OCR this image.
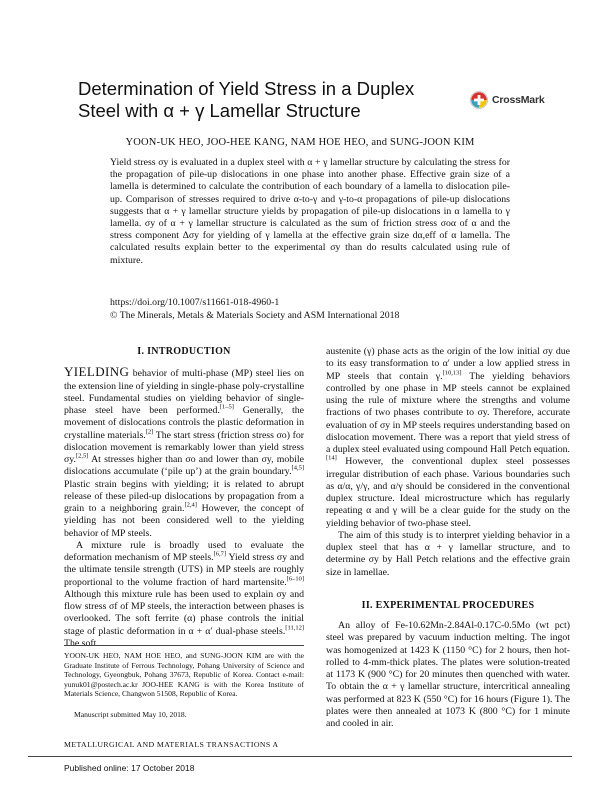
Determination of Yield Stress in a Duplex Steel with α + γ Lamellar Structure	CrossMark
YOON-UK HEO, JOO-HEE KANG, NAM HOE HEO, and SUNG-JOON KIM

Yield stress σy is evaluated in a duplex steel with α + γ lamellar structure by calculating the stress for the propagation of pile-up dislocations in one phase into another phase. Effective grain size of a lamella is determined to calculate the contribution of each boundary of a lamella to dislocation pile-up. Comparison of stresses required to drive α-to-γ and γ-to-α propagations of pile-up dislocations suggests that α + γ lamellar structure yields by propagation of pile-up dislocations in α lamella to γ lamella. σy of α + γ lamellar structure is calculated as the sum of friction stress σoα of α and the stress component Δσy for yielding of γ lamella at the effective grain size dα,eff of α lamella. The calculated results explain better to the experimental σy than do results calculated using rule of mixture.

https://doi.org/10.1007/s11661-018-4960-1
© The Minerals, Metals & Materials Society and ASM International 2018
I. INTRODUCTION

YIELDING behavior of multi-phase (MP) steel lies on the extension line of yielding in single-phase poly-crystalline steel. Fundamental studies on yielding behavior of single-phase steel have been performed.[1–5] Generally, the movement of dislocations controls the plastic deformation in crystalline materials.[2] The start stress (friction stress σo) for dislocation movement is remarkably lower than yield stress σy.[2,5] At stresses higher than σo and lower than σy, mobile dislocations accumulate (‘pile up’) at the grain boundary.[4,5] Plastic strain begins with yielding; it is related to abrupt release of these piled-up dislocations by propagation from a grain to a neighboring grain.[2,4] However, the concept of yielding has not been considered well to the yielding behavior of MP steels.

A mixture rule is broadly used to evaluate the deformation mechanism of MP steels.[6,7] Yield stress σy and the ultimate tensile strength (UTS) in MP steels are roughly proportional to the volume fraction of hard martensite.[6–10] Although this mixture rule has been used to explain σy and flow stress σf of MP steels, the interaction between phases is overlooked. The soft ferrite (α) phase controls the initial stage of plastic deformation in α + α′ dual-phase steels.[11,12] The soft

austenite (γ) phase acts as the origin of the low initial σy due to its easy transformation to α′ under a low applied stress in MP steels that contain γ.[10,13] The yielding behaviors controlled by one phase in MP steels cannot be explained using the rule of mixture where the strengths and volume fractions of two phases contribute to σy. Therefore, accurate evaluation of σy in MP steels requires understanding based on dislocation movement. There was a report that yield stress of a duplex steel evaluated using compound Hall Petch equation.[14] However, the conventional duplex steel possesses irregular distribution of each phase. Various boundaries such as α/α, γ/γ, and α/γ should be considered in the conventional duplex structure. Ideal microstructure which has regularly repeating α and γ will be a clear guide for the study on the yielding behavior of two-phase steel.

The aim of this study is to interpret yielding behavior in a duplex steel that has α + γ lamellar structure, and to determine σy by Hall Petch relations and the effective grain size in lamellae.

II. EXPERIMENTAL PROCEDURES

An alloy of Fe-10.62Mn-2.84Al-0.17C-0.5Mo (wt pct) steel was prepared by vacuum induction melting. The ingot was homogenized at 1423 K (1150 °C) for 2 hours, then hot-rolled to 4-mm-thick plates. The plates were solution-treated at 1173 K (900 °C) for 20 minutes then quenched with water. To obtain the α + γ lamellar structure, intercritical annealing was performed at 823 K (550 °C) for 16 hours (Figure 1). The plates were then annealed at 1073 K (800 °C) for 1 minute and cooled in air.

YOON-UK HEO, NAM HOE HEO, and SUNG-JOON KIM are with the Graduate Institute of Ferrous Technology, Pohang University of Science and Technology, Gyeongbuk, Pohang 37673, Republic of Korea. Contact e-mail: yunuk01@postech.ac.kr JOO-HEE KANG is with the Korea Institute of Materials Science, Changwon 51508, Republic of Korea.

Manuscript submitted May 10, 2018.
METALLURGICAL AND MATERIALS TRANSACTIONS A
Published online: 17 October 2018
